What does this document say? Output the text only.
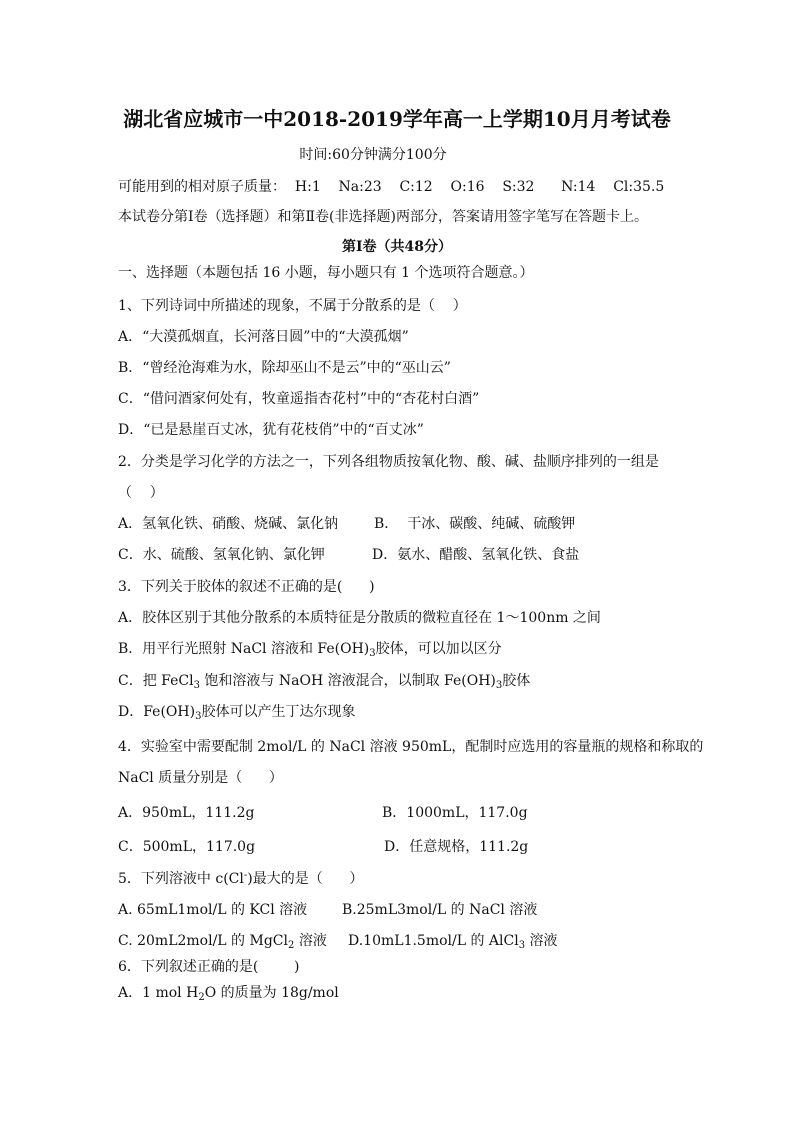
湖北省应城市一中2018-2019学年高一上学期10月月考试卷
时间:60分钟满分100分
可能用到的相对原子质量：  H:1    Na:23    C:12    O:16    S:32      N:14    Cl:35.5
本试卷分第Ⅰ卷（选择题）和第Ⅱ卷(非选择题)两部分，答案请用签字笔写在答题卡上。
第Ⅰ卷（共48分）
一、选择题（本题包括 16 小题，每小题只有 1 个选项符合题意。）
1、下列诗词中所描述的现象，不属于分散系的是（    ）
A．“大漠孤烟直，长河落日圆”中的“大漠孤烟”
B．“曾经沧海难为水，除却巫山不是云”中的“巫山云”
C．“借问酒家何处有，牧童遥指杏花村”中的“杏花村白酒”
D．“已是悬崖百丈冰，犹有花枝俏”中的“百丈冰”
2．分类是学习化学的方法之一，下列各组物质按氧化物、酸、碱、盐顺序排列的一组是
（    ）
A．氢氧化铁、硝酸、烧碱、氯化钠	B．  干冰、碳酸、纯碱、硫酸钾
C．水、硫酸、氢氧化钠、氯化钾	D．氨水、醋酸、氢氧化铁、食盐
3．下列关于胶体的叙述不正确的是(      )
A．胶体区别于其他分散系的本质特征是分散质的微粒直径在 1～100nm 之间
B．用平行光照射 NaCl 溶液和 $Fe(OH)_3$胶体，可以加以区分
C．把 FeCl$_3$ 饱和溶液与 NaOH 溶液混合，以制取 $Fe(OH)_3$胶体
D．$Fe(OH)_3$胶体可以产生丁达尔现象
4．实验室中需要配制 2mol/L 的 NaCl 溶液 950mL，配制时应选用的容量瓶的规格和称取的
NaCl 质量分别是（      ）
A．950mL，111.2g	B．1000mL，117.0g
C．500mL，117.0g	D．任意规格，111.2g
5．下列溶液中 c(Cl-)最大的是（      ）
A. 65mL1mol/L 的 KCl 溶液 B.25mL3mol/L 的 NaCl 溶液
C. 20mL2mol/L 的 MgCl$_2$ 溶液 D.10mL1.5mol/L 的 AlCl$_3$ 溶液
6．下列叙述正确的是(        )
A．1 mol $H_2O$ 的质量为 18g/mol
